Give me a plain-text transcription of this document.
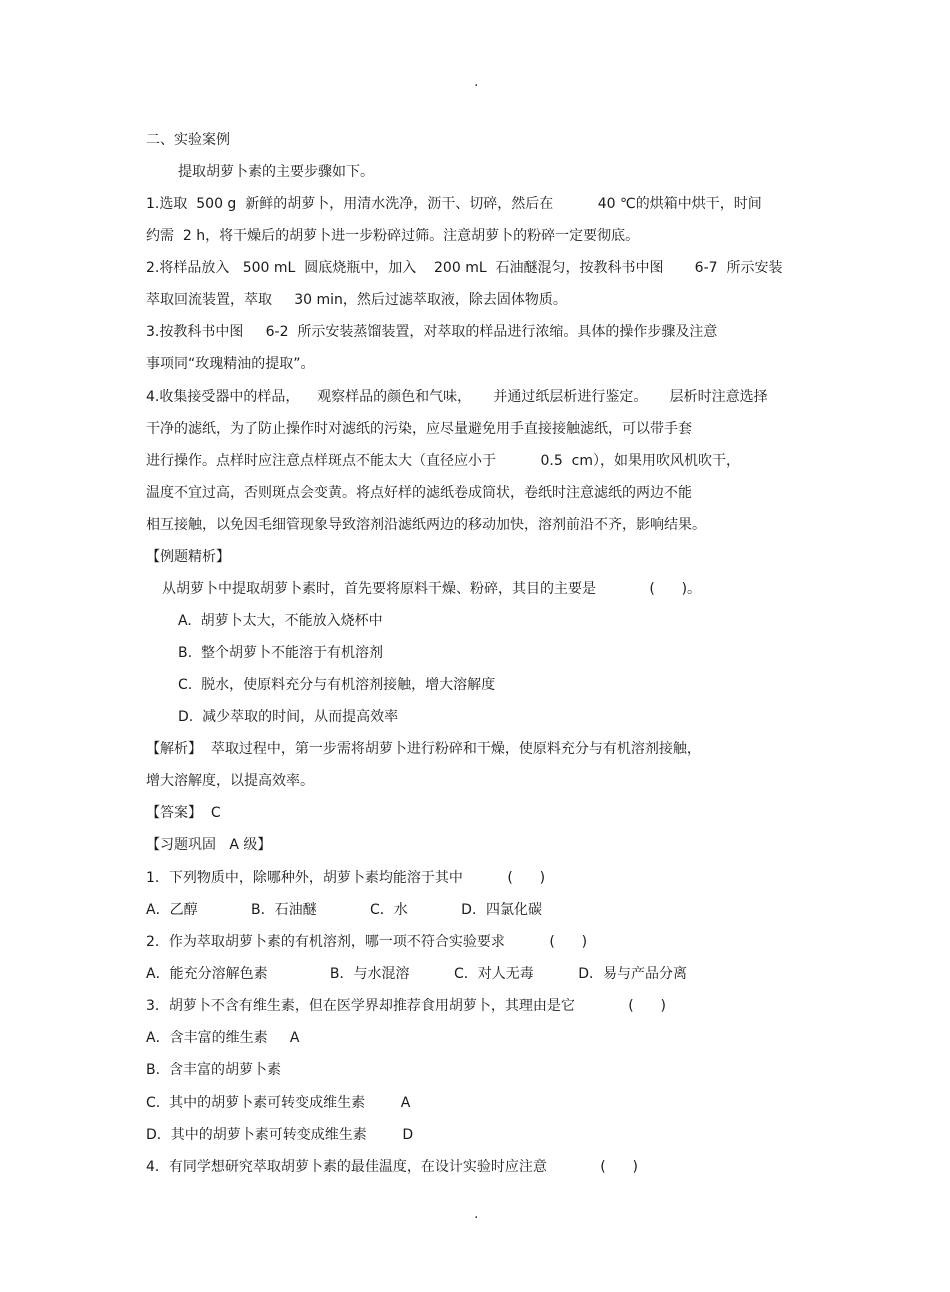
.
二、实验案例
提取胡萝卜素的主要步骤如下。
1.选取  500 g  新鲜的胡萝卜，用清水洗净，沥干、切碎，然后在          40 ℃的烘箱中烘干，时间
约需  2 h，将干燥后的胡萝卜进一步粉碎过筛。注意胡萝卜的粉碎一定要彻底。
2.将样品放入   500 mL  圆底烧瓶中，加入    200 mL  石油醚混匀，按教科书中图       6-7  所示安装
萃取回流装置，萃取     30 min，然后过滤萃取液，除去固体物质。
3.按教科书中图     6-2  所示安装蒸馏装置，对萃取的样品进行浓缩。具体的操作步骤及注意
事项同“玫瑰精油的提取”。
4.收集接受器中的样品，    观察样品的颜色和气味，     并通过纸层析进行鉴定。     层析时注意选择
干净的滤纸，为了防止操作时对滤纸的污染，应尽量避免用手直接接触滤纸，可以带手套
进行操作。点样时应注意点样斑点不能太大（直径应小于          0.5  cm），如果用吹风机吹干，
温度不宜过高，否则斑点会变黄。将点好样的滤纸卷成筒状，卷纸时注意滤纸的两边不能
相互接触，以免因毛细管现象导致溶剂沿滤纸两边的移动加快，溶剂前沿不齐，影响结果。
【例题精析】
从胡萝卜中提取胡萝卜素时，首先要将原料干燥、粉碎，其目的主要是            (      )。
A.  胡萝卜太大，不能放入烧杯中
B.  整个胡萝卜不能溶于有机溶剂
C.  脱水，使原料充分与有机溶剂接触，增大溶解度
D.  减少萃取的时间，从而提高效率
【解析】  萃取过程中，第一步需将胡萝卜进行粉碎和干燥，使原料充分与有机溶剂接触，
增大溶解度，以提高效率。
【答案】  C
【习题巩固   A 级】
1．下列物质中，除哪种外，胡萝卜素均能溶于其中          (      )
A．乙醇            B．石油醚            C．水            D．四氯化碳
2．作为萃取胡萝卜素的有机溶剂，哪一项不符合实验要求          (      )
A．能充分溶解色素              B．与水混溶          C．对人无毒          D．易与产品分离
3．胡萝卜不含有维生素，但在医学界却推荐食用胡萝卜，其理由是它            (      )
A．含丰富的维生素     A
B.  含丰富的胡萝卜素
C.  其中的胡萝卜素可转变成维生素        A
D．其中的胡萝卜素可转变成维生素        D
4．有同学想研究萃取胡萝卜素的最佳温度，在设计实验时应注意            (      )
.
